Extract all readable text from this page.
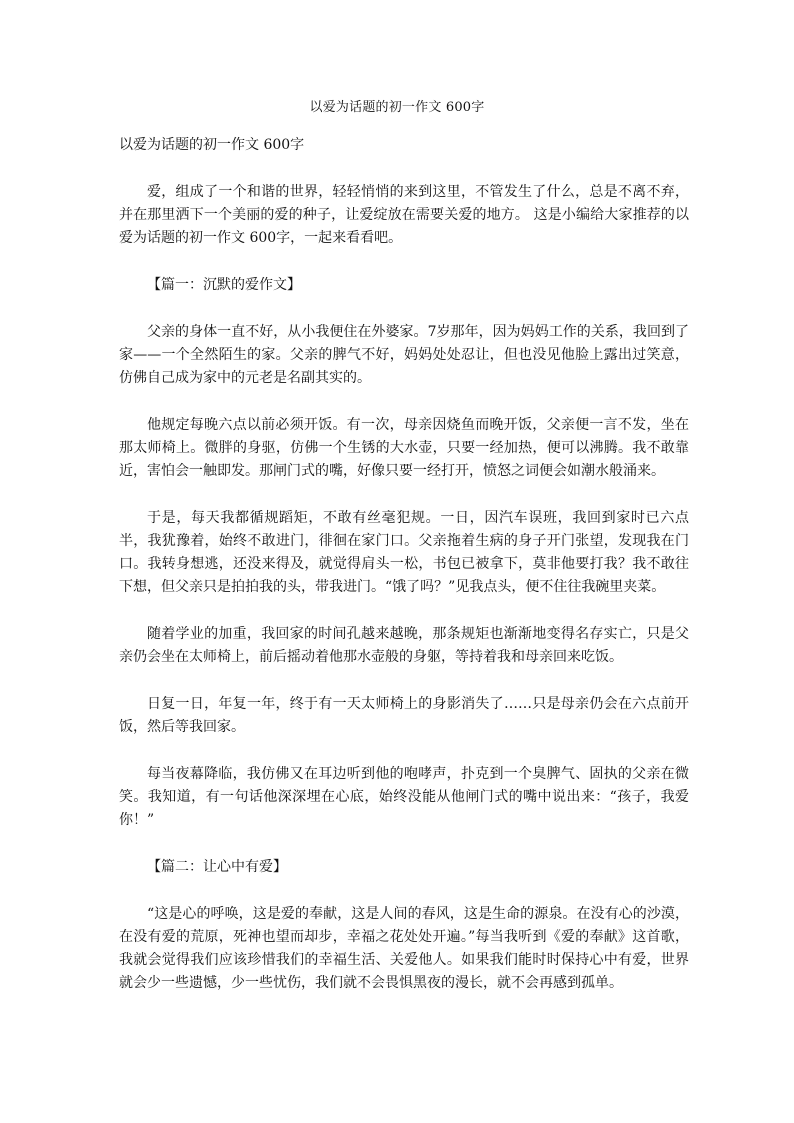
以爱为话题的初一作文 600字
以爱为话题的初一作文 600字

爱，组成了一个和谐的世界，轻轻悄悄的来到这里，不管发生了什么，总是不离不弃，并在那里洒下一个美丽的爱的种子，让爱绽放在需要关爱的地方。 这是小编给大家推荐的以爱为话题的初一作文 600字，一起来看看吧。

【篇一：沉默的爱作文】

父亲的身体一直不好，从小我便住在外婆家。7岁那年，因为妈妈工作的关系，我回到了家——一个全然陌生的家。父亲的脾气不好，妈妈处处忍让，但也没见他脸上露出过笑意，仿佛自己成为家中的元老是名副其实的。

他规定每晚六点以前必须开饭。有一次，母亲因烧鱼而晚开饭，父亲便一言不发，坐在那太师椅上。微胖的身驱，仿佛一个生锈的大水壶，只要一经加热，便可以沸腾。我不敢靠近，害怕会一触即发。那闸门式的嘴，好像只要一经打开，愤怒之词便会如潮水般涌来。

于是，每天我都循规蹈矩，不敢有丝毫犯规。一日，因汽车误班，我回到家时已六点半，我犹豫着，始终不敢进门，徘徊在家门口。父亲拖着生病的身子开门张望，发现我在门口。我转身想逃，还没来得及，就觉得肩头一松，书包已被拿下，莫非他要打我？我不敢往下想，但父亲只是拍拍我的头，带我进门。“饿了吗？”见我点头，便不住往我碗里夹菜。

随着学业的加重，我回家的时间孔越来越晚，那条规矩也渐渐地变得名存实亡，只是父亲仍会坐在太师椅上，前后摇动着他那水壶般的身躯，等持着我和母亲回来吃饭。

日复一日，年复一年，终于有一天太师椅上的身影消失了……只是母亲仍会在六点前开饭，然后等我回家。

每当夜幕降临，我仿佛又在耳边听到他的咆哮声，扑克到一个臭脾气、固执的父亲在微笑。我知道，有一句话他深深埋在心底，始终没能从他闸门式的嘴中说出来：“孩子，我爱你！”

【篇二：让心中有爱】

“这是心的呼唤，这是爱的奉献，这是人间的春风，这是生命的源泉。在没有心的沙漠，在没有爱的荒原，死神也望而却步，幸福之花处处开遍。”每当我听到《爱的奉献》这首歌，我就会觉得我们应该珍惜我们的幸福生活、关爱他人。如果我们能时时保持心中有爱，世界就会少一些遗憾，少一些忧伤，我们就不会畏惧黑夜的漫长，就不会再感到孤单。
